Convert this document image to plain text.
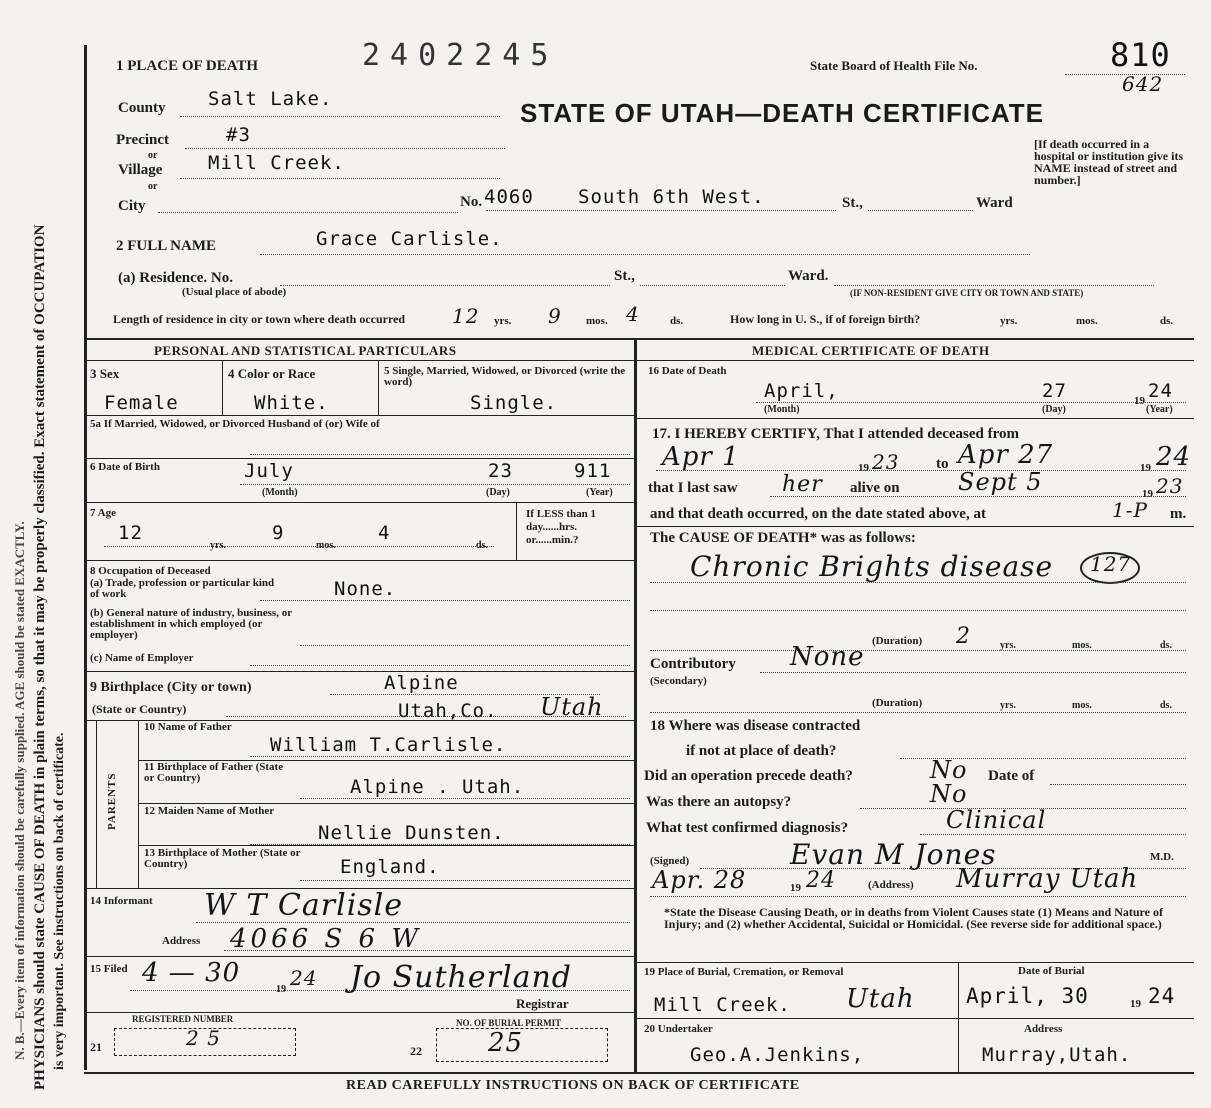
PHYSICIANS should state CAUSE OF DEATH in plain terms, so that it may be properly classified. Exact statement of OCCUPATION
N. B.—Every item of information should be carefully supplied. AGE should be stated EXACTLY. is very important. See instructions on back of certificate.
1 PLACE OF DEATH	2402245	State Board of Health File No.	810
642
STATE OF UTAH—DEATH CERTIFICATE
[If death occurred in a hospital or institution give its NAME instead of street and number.]
County Salt Lake.
Precinct	#3
or
Village Mill Creek.
or
City	No. 4060 South 6th West.	St.,	Ward
2 FULL NAME	Grace Carlisle.
(a) Residence. No.
(Usual place of abode)
St.,	Ward.
(IF NON-RESIDENT GIVE CITY OR TOWN AND STATE)
Length of residence in city or town where death occurred 12 yrs. 9 mos. 4	ds.	How long in U. S., if of foreign birth?	yrs.	mos.	ds.
PERSONAL AND STATISTICAL PARTICULARS
3 Sex
Female
4 Color or Race
White.
5 Single, Married, Widowed, or Divorced (write the word)
Single.
5a If Married, Widowed, or Divorced Husband of (or) Wife of
6 Date of Birth	July	23	911
(Month)	(Day)	(Year)
7 Age
12
yrs.
9
mos.
4
ds.
If LESS than 1 day......hrs. or......min.?
8 Occupation of Deceased
(a) Trade, profession or particular kind of work	None.
(b) General nature of industry, business, or establishment in which employed (or employer)
(c) Name of Employer
9 Birthplace (City or town)	Alpine
(State or Country)	Utah,Co. Utah
PARENTS
10 Name of Father
William T.Carlisle.
11 Birthplace of Father (State or Country)	Alpine . Utah.
12 Maiden Name of Mother
Nellie Dunsten.
13 Birthplace of Mother (State or Country)	England.
14 Informant	W T Carlisle
Address 4066 S 6 W
15 Filed 4 — 30
19 24 Jo Sutherland
Registrar
REGISTERED NUMBER
21	2 5
NO. OF BURIAL PERMIT
22	25
MEDICAL CERTIFICATE OF DEATH
16 Date of Death
April,	27	19 24
(Month)	(Day)	(Year)
17. I HEREBY CERTIFY, That I attended deceased from
Apr 1	19 23 to Apr 27	19 24
that I last saw her alive on Sept 5	19 23
and that death occurred, on the date stated above, at	1-P m.
The CAUSE OF DEATH* was as follows:
Chronic Brights disease 127
(Duration) 2	yrs.	mos.	ds.
Contributory
(Secondary)
None
(Duration)	yrs.	mos.	ds.
18 Where was disease contracted
if not at place of death?
Did an operation precede death?	No Date of
Was there an autopsy?	No
What test confirmed diagnosis?	Clinical
(Signed)	Evan M Jones	M.D.
Apr. 28	19 24	(Address) Murray Utah
*State the Disease Causing Death, or in deaths from Violent Causes state (1) Means and Nature of Injury; and (2) whether Accidental, Suicidal or Homicidal. (See reverse side for additional space.)
19 Place of Burial, Cremation, or Removal
Mill Creek. Utah
Date of Burial
April, 30	19 24
20 Undertaker
Geo.A.Jenkins,
Address
Murray,Utah.
READ CAREFULLY INSTRUCTIONS ON BACK OF CERTIFICATE
